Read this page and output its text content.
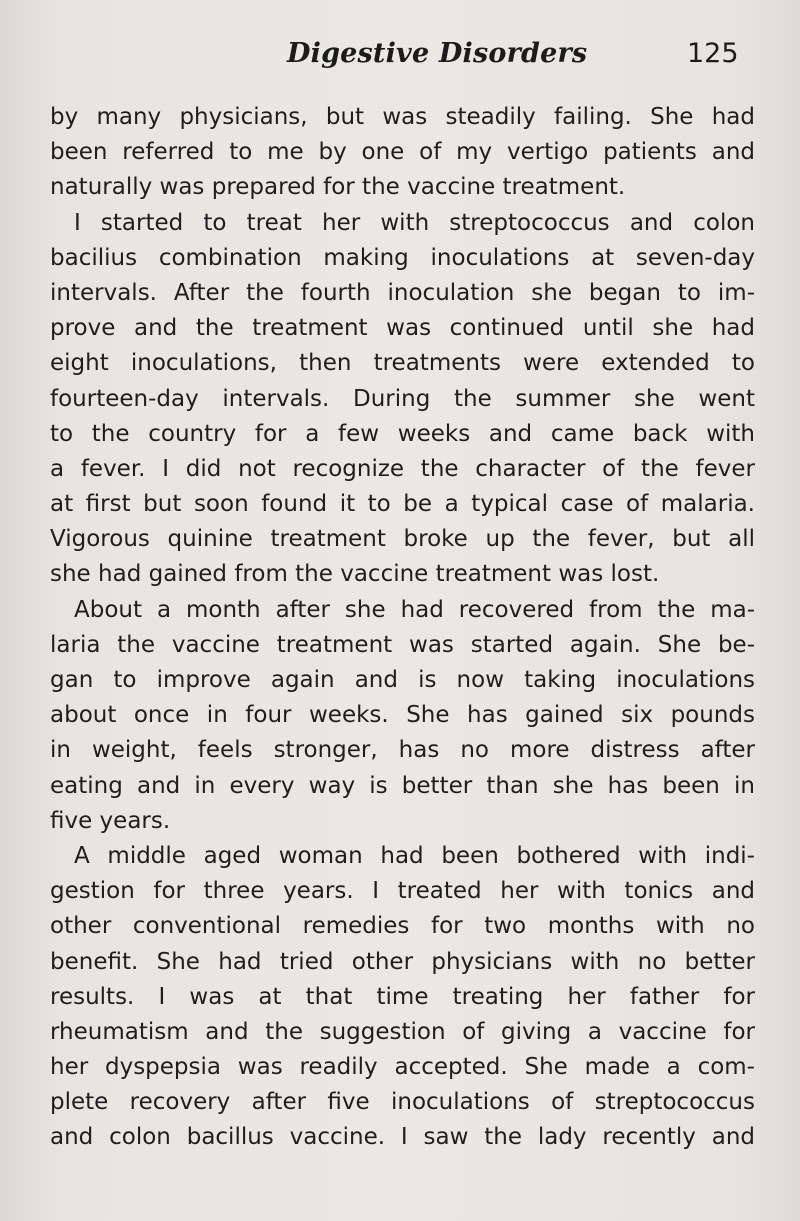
Digestive Disorders	125
by many physicians, but was steadily failing. She had
been referred to me by one of my vertigo patients and
naturally was prepared for the vaccine treatment.
I started to treat her with streptococcus and colon
bacilius combination making inoculations at seven-day
intervals. After the fourth inoculation she began to im-
prove and the treatment was continued until she had
eight inoculations, then treatments were extended to
fourteen-day intervals. During the summer she went
to the country for a few weeks and came back with
a fever. I did not recognize the character of the fever
at first but soon found it to be a typical case of malaria.
Vigorous quinine treatment broke up the fever, but all
she had gained from the vaccine treatment was lost.
About a month after she had recovered from the ma-
laria the vaccine treatment was started again. She be-
gan to improve again and is now taking inoculations
about once in four weeks. She has gained six pounds
in weight, feels stronger, has no more distress after
eating and in every way is better than she has been in
five years.
A middle aged woman had been bothered with indi-
gestion for three years. I treated her with tonics and
other conventional remedies for two months with no
benefit. She had tried other physicians with no better
results. I was at that time treating her father for
rheumatism and the suggestion of giving a vaccine for
her dyspepsia was readily accepted. She made a com-
plete recovery after five inoculations of streptococcus
and colon bacillus vaccine. I saw the lady recently and
